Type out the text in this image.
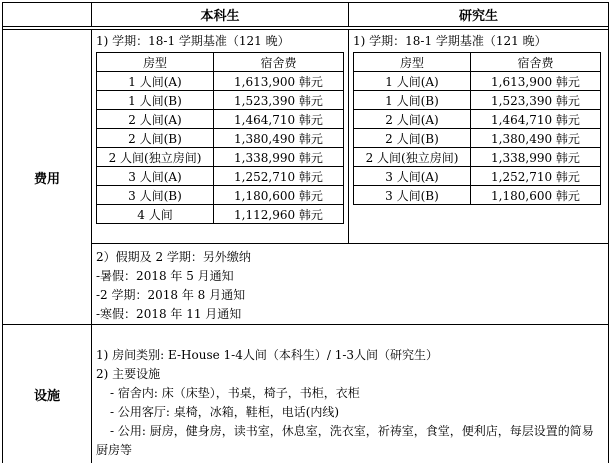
本科生	研究生
费用
1) 学期：18-1 学期基准（121 晚）
房型	宿舍费
1 人间(A)	1,613,900 韩元
1 人间(B)	1,523,390 韩元
2 人间(A)	1,464,710 韩元
2 人间(B)	1,380,490 韩元
2 人间(独立房间)	1,338,990 韩元
3 人间(A)	1,252,710 韩元
3 人间(B)	1,180,600 韩元
4 人间	1,112,960 韩元
1) 学期：18-1 学期基准（121 晚）
房型	宿舍费
1 人间(A)	1,613,900 韩元
1 人间(B)	1,523,390 韩元
2 人间(A)	1,464,710 韩元
2 人间(B)	1,380,490 韩元
2 人间(独立房间)	1,338,990 韩元
3 人间(A)	1,252,710 韩元
3 人间(B)	1,180,600 韩元
2）假期及 2 学期：另外缴纳
-暑假：2018 年 5 月通知
-2 学期：2018 年 8 月通知
-寒假：2018 年 11 月通知
设施
1) 房间类别: E-House 1-4人间（本科生）/ 1-3人间（研究生）
2) 主要设施
- 宿舍内: 床（床垫），书桌，椅子，书柜，衣柜
- 公用客厅: 桌椅，冰箱，鞋柜，电话(内线)
- 公用: 厨房，健身房，读书室，休息室，洗衣室，祈祷室，食堂，便利店，每层设置的简易厨房等
